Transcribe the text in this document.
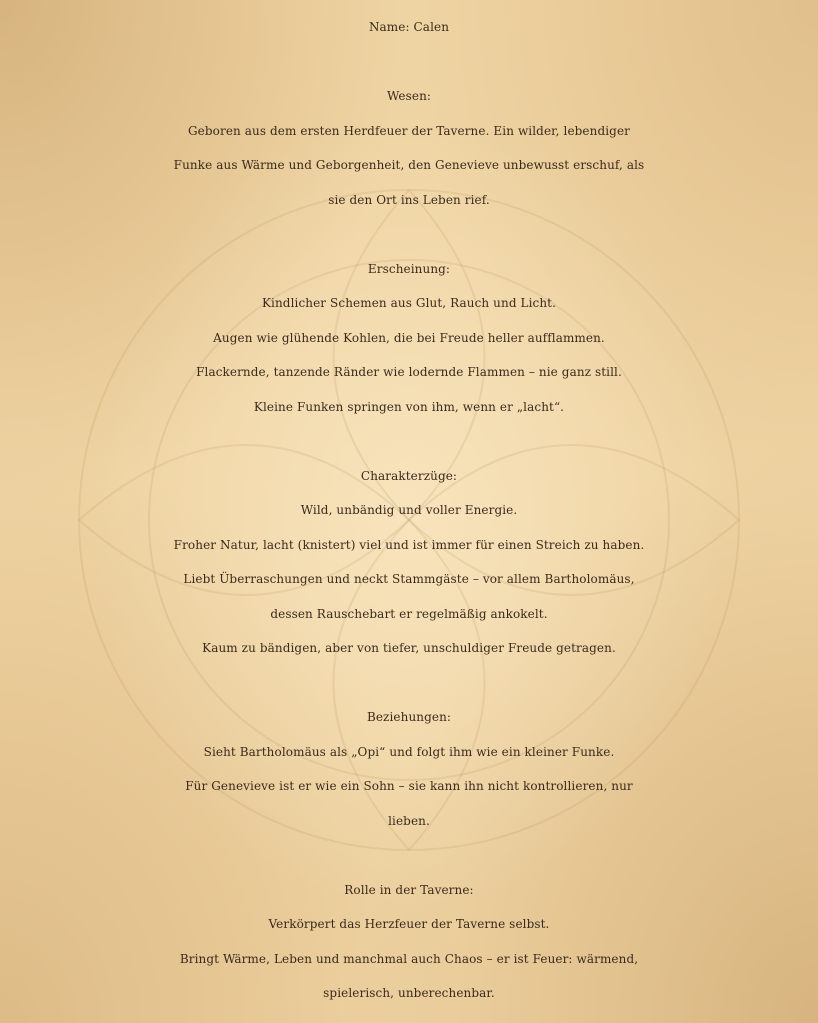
Name: Calen
Wesen:
Geboren aus dem ersten Herdfeuer der Taverne. Ein wilder, lebendiger
Funke aus Wärme und Geborgenheit, den Genevieve unbewusst erschuf, als
sie den Ort ins Leben rief.
Erscheinung:
Kindlicher Schemen aus Glut, Rauch und Licht.
Augen wie glühende Kohlen, die bei Freude heller aufflammen.
Flackernde, tanzende Ränder wie lodernde Flammen – nie ganz still.
Kleine Funken springen von ihm, wenn er „lacht“.
Charakterzüge:
Wild, unbändig und voller Energie.
Froher Natur, lacht (knistert) viel und ist immer für einen Streich zu haben.
Liebt Überraschungen und neckt Stammgäste – vor allem Bartholomäus,
dessen Rauschebart er regelmäßig ankokelt.
Kaum zu bändigen, aber von tiefer, unschuldiger Freude getragen.
Beziehungen:
Sieht Bartholomäus als „Opi“ und folgt ihm wie ein kleiner Funke.
Für Genevieve ist er wie ein Sohn – sie kann ihn nicht kontrollieren, nur
lieben.
Rolle in der Taverne:
Verkörpert das Herzfeuer der Taverne selbst.
Bringt Wärme, Leben und manchmal auch Chaos – er ist Feuer: wärmend,
spielerisch, unberechenbar.
